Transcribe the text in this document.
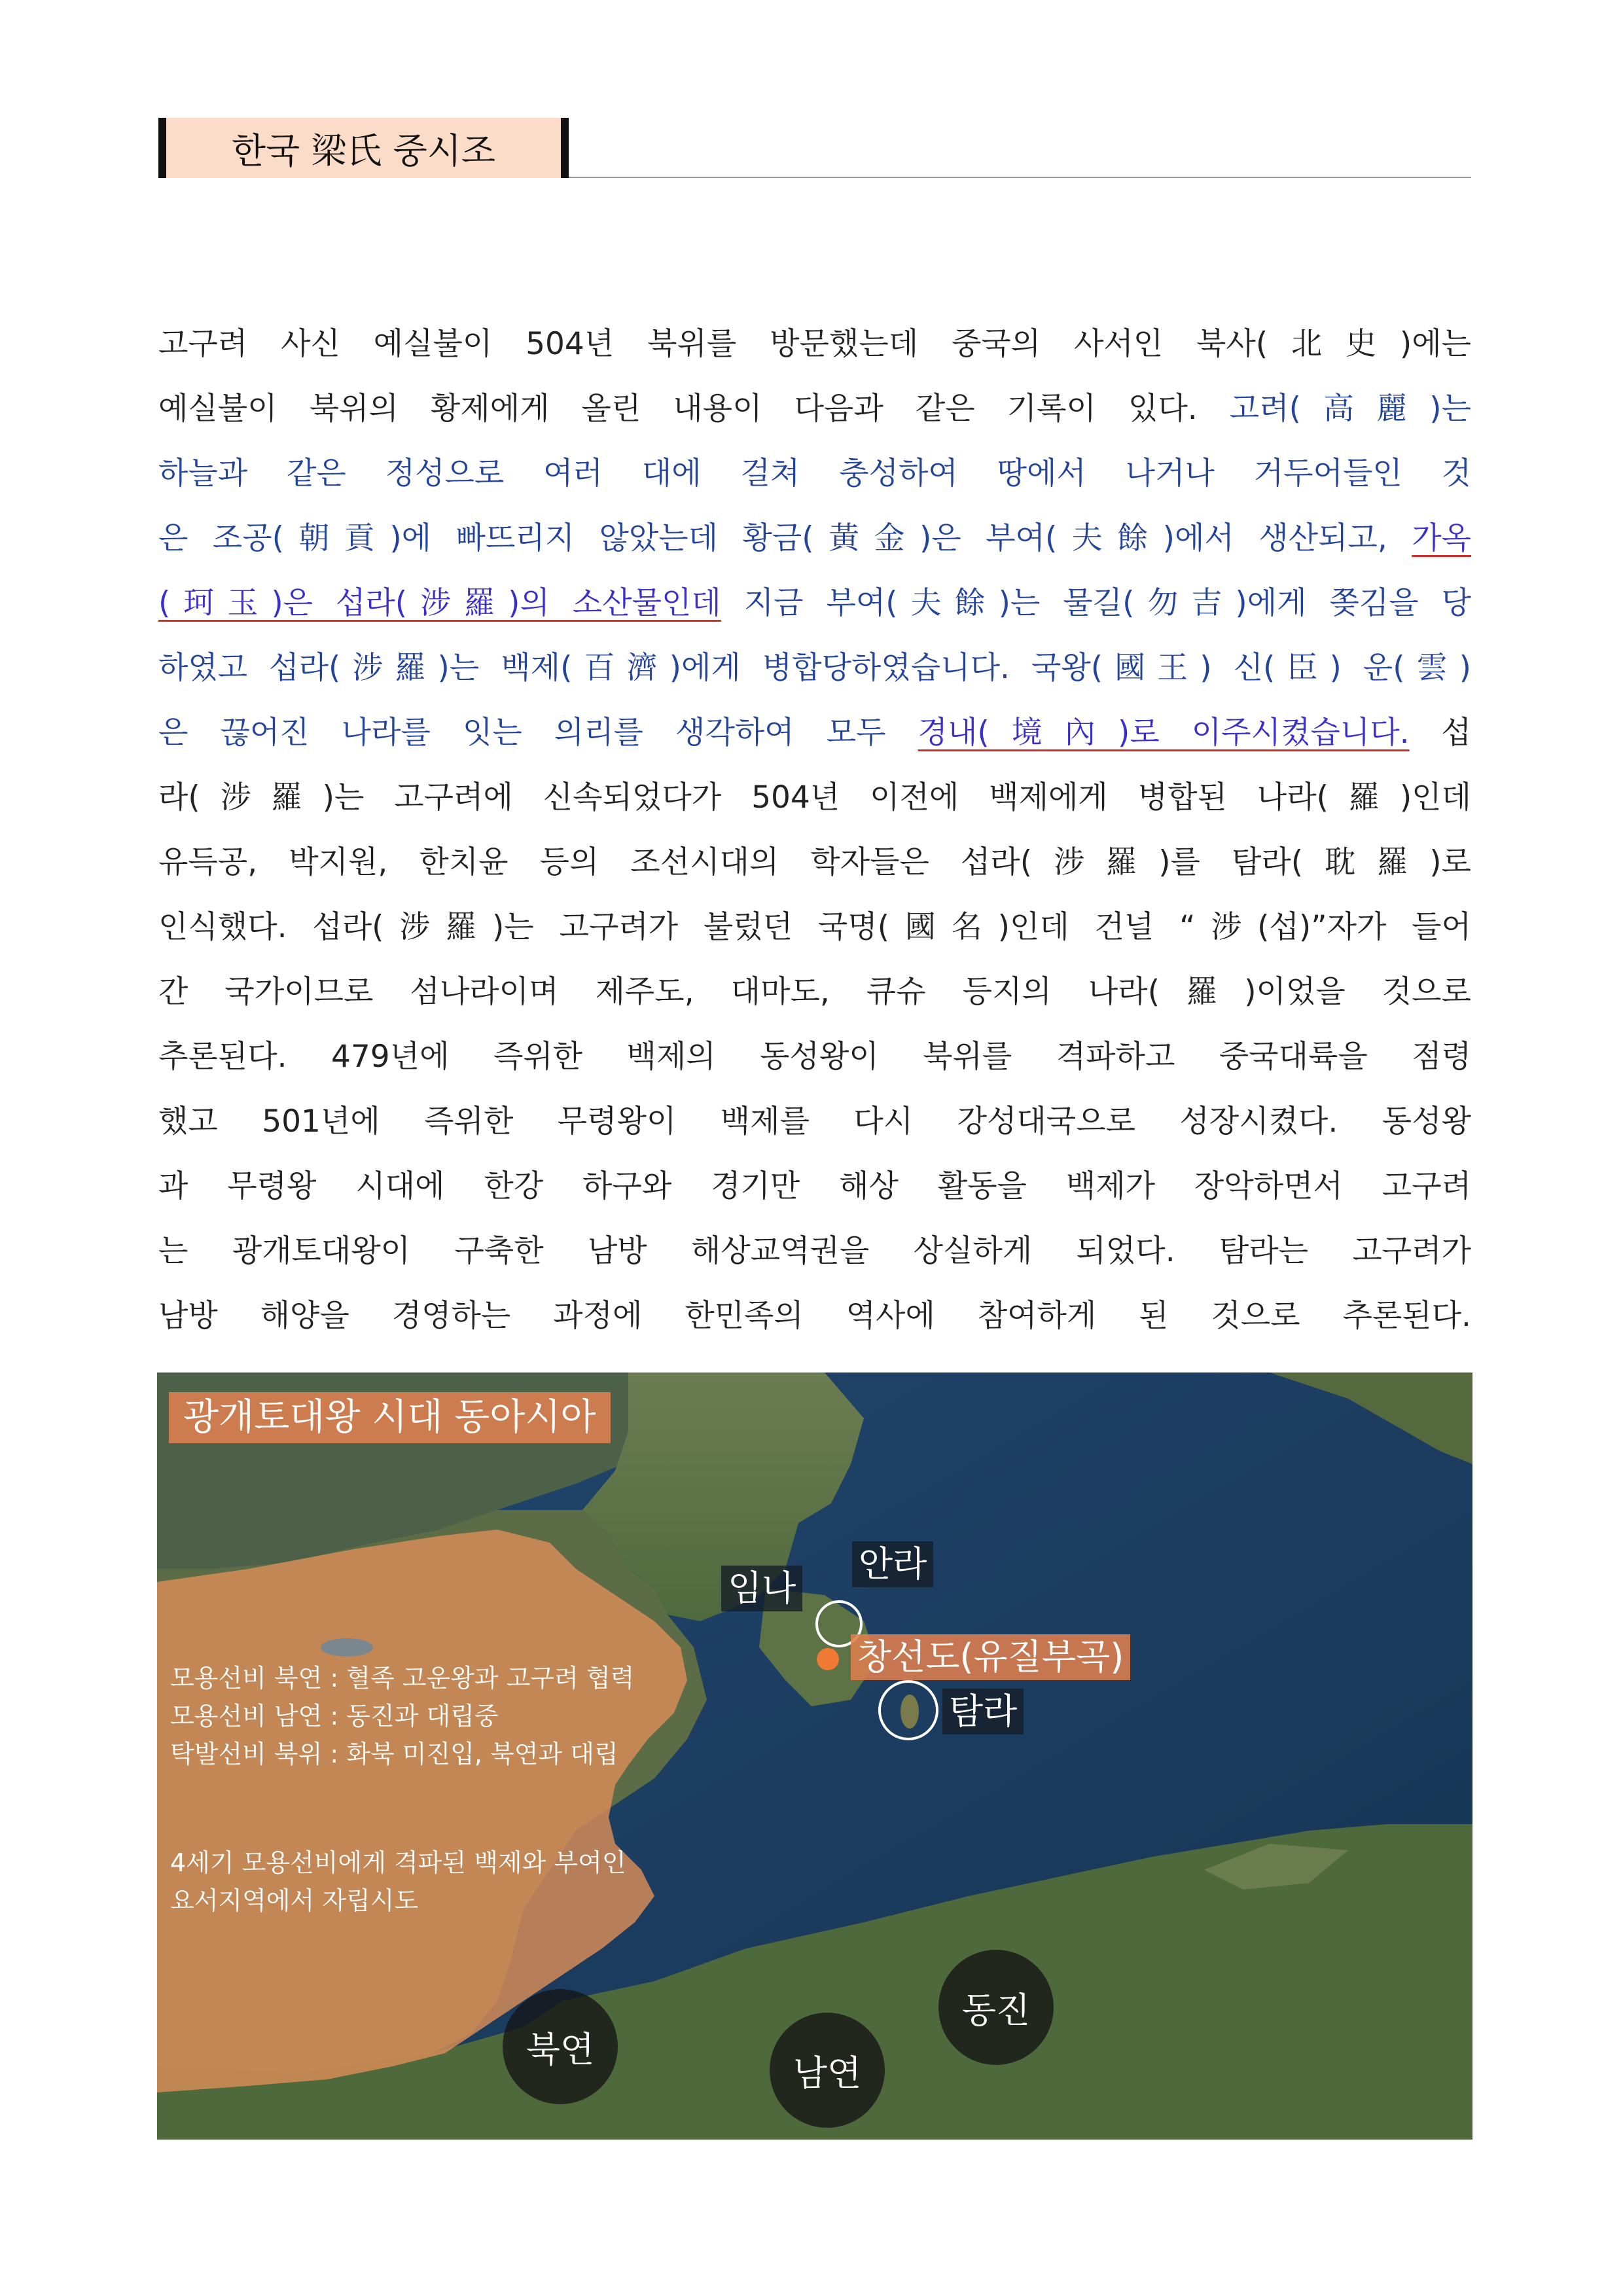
한국 梁氏 중시조
고구려 사신 예실불이 504년 북위를 방문했는데 중국의 사서인 북사(北史)에는
예실불이 북위의 황제에게 올린 내용이 다음과 같은 기록이 있다. 고려(高麗)는
하늘과 같은 정성으로 여러 대에 걸쳐 충성하여 땅에서 나거나 거두어들인 것
은 조공(朝貢)에 빠뜨리지 않았는데 황금(黃金)은 부여(夫餘)에서 생산되고, 가옥
(珂玉)은 섭라(涉羅)의 소산물인데 지금 부여(夫餘)는 물길(勿吉)에게 쫒김을 당
하였고 섭라(涉羅)는 백제(百濟)에게 병합당하였습니다. 국왕(國王) 신(臣) 운(雲)
은 끊어진 나라를 잇는 의리를 생각하여 모두 경내(境內)로 이주시켰습니다. 섭
라(涉羅)는 고구려에 신속되었다가 504년 이전에 백제에게 병합된 나라(羅)인데
유득공, 박지원, 한치윤 등의 조선시대의 학자들은 섭라(涉羅)를 탐라(耽羅)로
인식했다. 섭라(涉羅)는 고구려가 불렀던 국명(國名)인데 건널 “涉(섭)”자가 들어
간 국가이므로 섬나라이며 제주도, 대마도, 큐슈 등지의 나라(羅)이었을 것으로
추론된다. 479년에 즉위한 백제의 동성왕이 북위를 격파하고 중국대륙을 점령
했고 501년에 즉위한 무령왕이 백제를 다시 강성대국으로 성장시켰다. 동성왕
과 무령왕 시대에 한강 하구와 경기만 해상 활동을 백제가 장악하면서 고구려
는 광개토대왕이 구축한 남방 해상교역권을 상실하게 되었다. 탐라는 고구려가
남방 해양을 경영하는 과정에 한민족의 역사에 참여하게 된 것으로 추론된다.
광개토대왕 시대 동아시아
안라
임나
창선도(유질부곡)
탐라
모용선비 북연 : 혈족 고운왕과 고구려 협력
모용선비 남연 : 동진과 대립중
탁발선비 북위 : 화북 미진입, 북연과 대립
4세기 모용선비에게 격파된 백제와 부여인
요서지역에서 자립시도
북연
남연
동진
